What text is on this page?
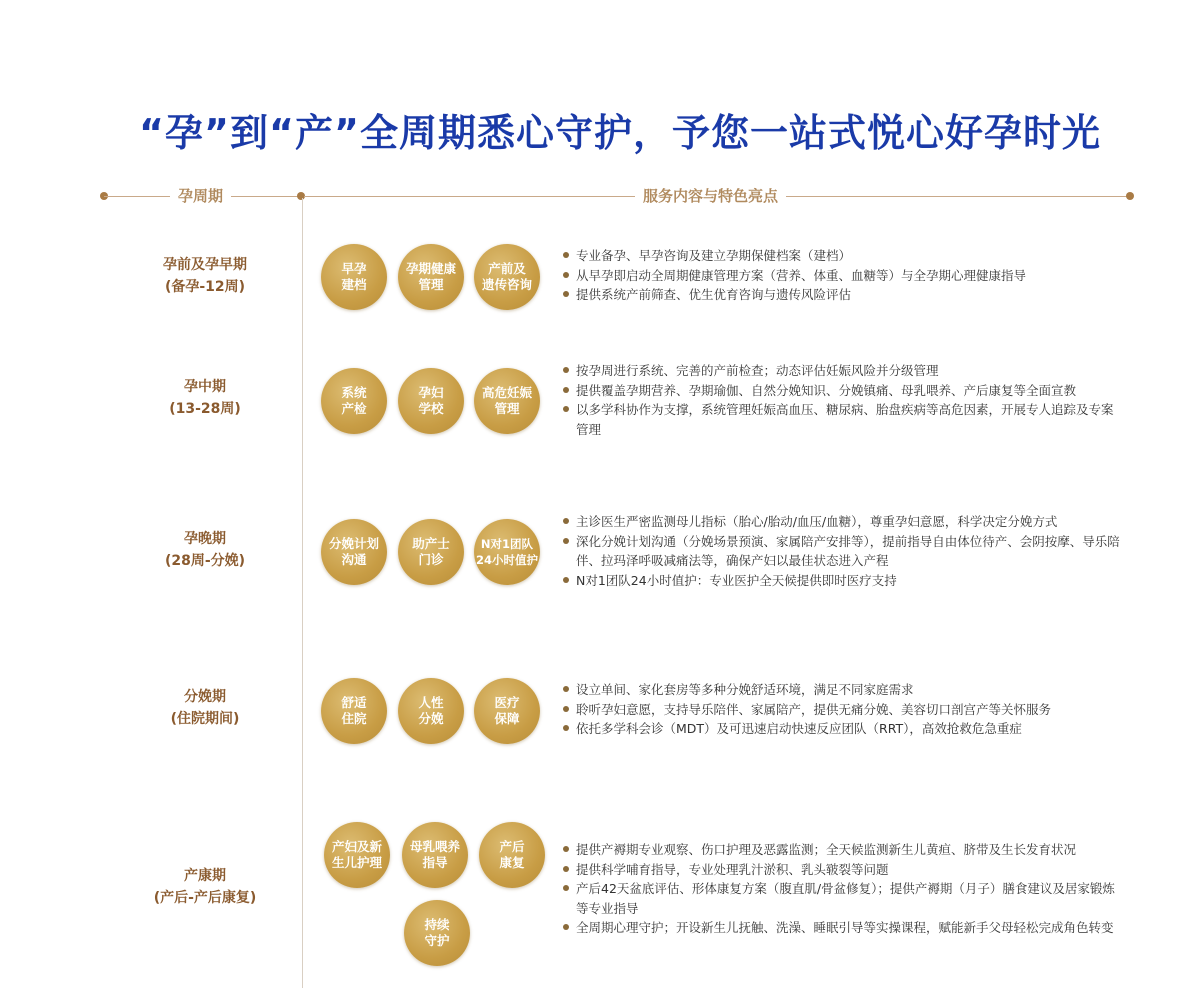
“孕”到“产”全周期悉心守护，予您一站式悦心好孕时光
孕周期	服务内容与特色亮点
孕前及孕早期
(备孕-12周)
早孕
建档
孕期健康
管理
产前及
遗传咨询
专业备孕、早孕咨询及建立孕期保健档案（建档）
从早孕即启动全周期健康管理方案（营养、体重、血糖等）与全孕期心理健康指导
提供系统产前筛查、优生优育咨询与遗传风险评估
孕中期
(13-28周)
系统
产检
孕妇
学校
高危妊娠
管理
按孕周进行系统、完善的产前检查；动态评估妊娠风险并分级管理
提供覆盖孕期营养、孕期瑜伽、自然分娩知识、分娩镇痛、母乳喂养、产后康复等全面宣教
以多学科协作为支撑，系统管理妊娠高血压、糖尿病、胎盘疾病等高危因素，开展专人追踪及专案管理
孕晚期
(28周-分娩)
分娩计划
沟通
助产士
门诊
N对1团队
24小时值护
主诊医生严密监测母儿指标（胎心/胎动/血压/血糖），尊重孕妇意愿，科学决定分娩方式
深化分娩计划沟通（分娩场景预演、家属陪产安排等），提前指导自由体位待产、会阴按摩、导乐陪伴、拉玛泽呼吸减痛法等，确保产妇以最佳状态进入产程
N对1团队24小时值护：专业医护全天候提供即时医疗支持
分娩期
(住院期间)
舒适
住院
人性
分娩
医疗
保障
设立单间、家化套房等多种分娩舒适环境，满足不同家庭需求
聆听孕妇意愿，支持导乐陪伴、家属陪产，提供无痛分娩、美容切口剖宫产等关怀服务
依托多学科会诊（MDT）及可迅速启动快速反应团队（RRT），高效抢救危急重症
产康期
(产后-产后康复)
产妇及新
生儿护理
母乳喂养
指导
产后
康复
持续
守护
提供产褥期专业观察、伤口护理及恶露监测；全天候监测新生儿黄疸、脐带及生长发育状况
提供科学哺育指导，专业处理乳汁淤积、乳头皲裂等问题
产后42天盆底评估、形体康复方案（腹直肌/骨盆修复）；提供产褥期（月子）膳食建议及居家锻炼等专业指导
全周期心理守护；开设新生儿抚触、洗澡、睡眠引导等实操课程，赋能新手父母轻松完成角色转变
